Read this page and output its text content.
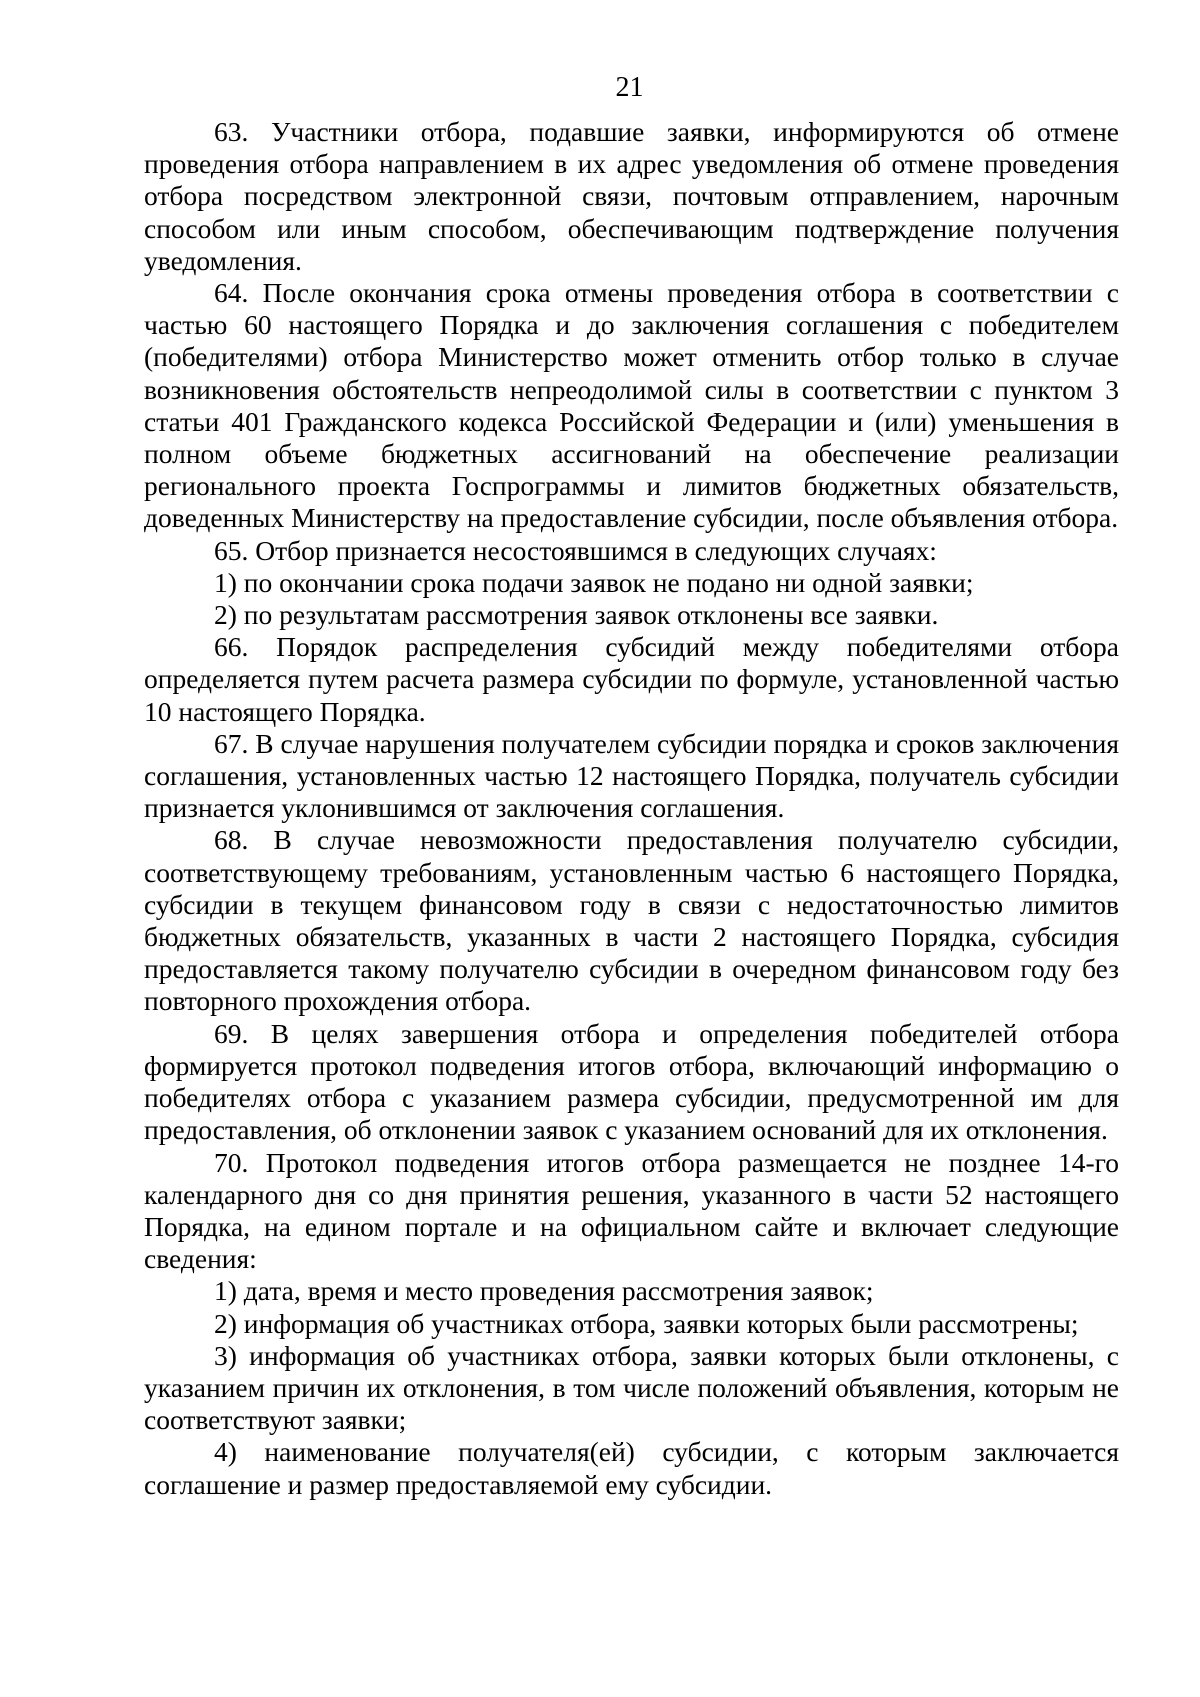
21

63. Участники отбора, подавшие заявки, информируются об отмене проведения отбора направлением в их адрес уведомления об отмене проведения отбора посредством электронной связи, почтовым отправлением, нарочным способом или иным способом, обеспечивающим подтверждение получения уведомления.

64. После окончания срока отмены проведения отбора в соответствии с частью 60 настоящего Порядка и до заключения соглашения с победителем (победителями) отбора Министерство может отменить отбор только в случае возникновения обстоятельств непреодолимой силы в соответствии с пунктом 3 статьи 401 Гражданского кодекса Российской Федерации и (или) уменьшения в полном объеме бюджетных ассигнований на обеспечение реализации регионального проекта Госпрограммы и лимитов бюджетных обязательств, доведенных Министерству на предоставление субсидии, после объявления отбора.

65. Отбор признается несостоявшимся в следующих случаях:

1) по окончании срока подачи заявок не подано ни одной заявки;

2) по результатам рассмотрения заявок отклонены все заявки.

66. Порядок распределения субсидий между победителями отбора определяется путем расчета размера субсидии по формуле, установленной частью 10 настоящего Порядка.

67. В случае нарушения получателем субсидии порядка и сроков заключения соглашения, установленных частью 12 настоящего Порядка, получатель субсидии признается уклонившимся от заключения соглашения.

68. В случае невозможности предоставления получателю субсидии, соответствующему требованиям, установленным частью 6 настоящего Порядка, субсидии в текущем финансовом году в связи с недостаточностью лимитов бюджетных обязательств, указанных в части 2 настоящего Порядка, субсидия предоставляется такому получателю субсидии в очередном финансовом году без повторного прохождения отбора.

69. В целях завершения отбора и определения победителей отбора формируется протокол подведения итогов отбора, включающий информацию о победителях отбора с указанием размера субсидии, предусмотренной им для предоставления, об отклонении заявок с указанием оснований для их отклонения.

70. Протокол подведения итогов отбора размещается не позднее 14-го календарного дня со дня принятия решения, указанного в части 52 настоящего Порядка, на едином портале и на официальном сайте и включает следующие сведения:

1) дата, время и место проведения рассмотрения заявок;

2) информация об участниках отбора, заявки которых были рассмотрены;

3) информация об участниках отбора, заявки которых были отклонены, с указанием причин их отклонения, в том числе положений объявления, которым не соответствуют заявки;

4) наименование получателя(ей) субсидии, с которым заключается соглашение и размер предоставляемой ему субсидии.
